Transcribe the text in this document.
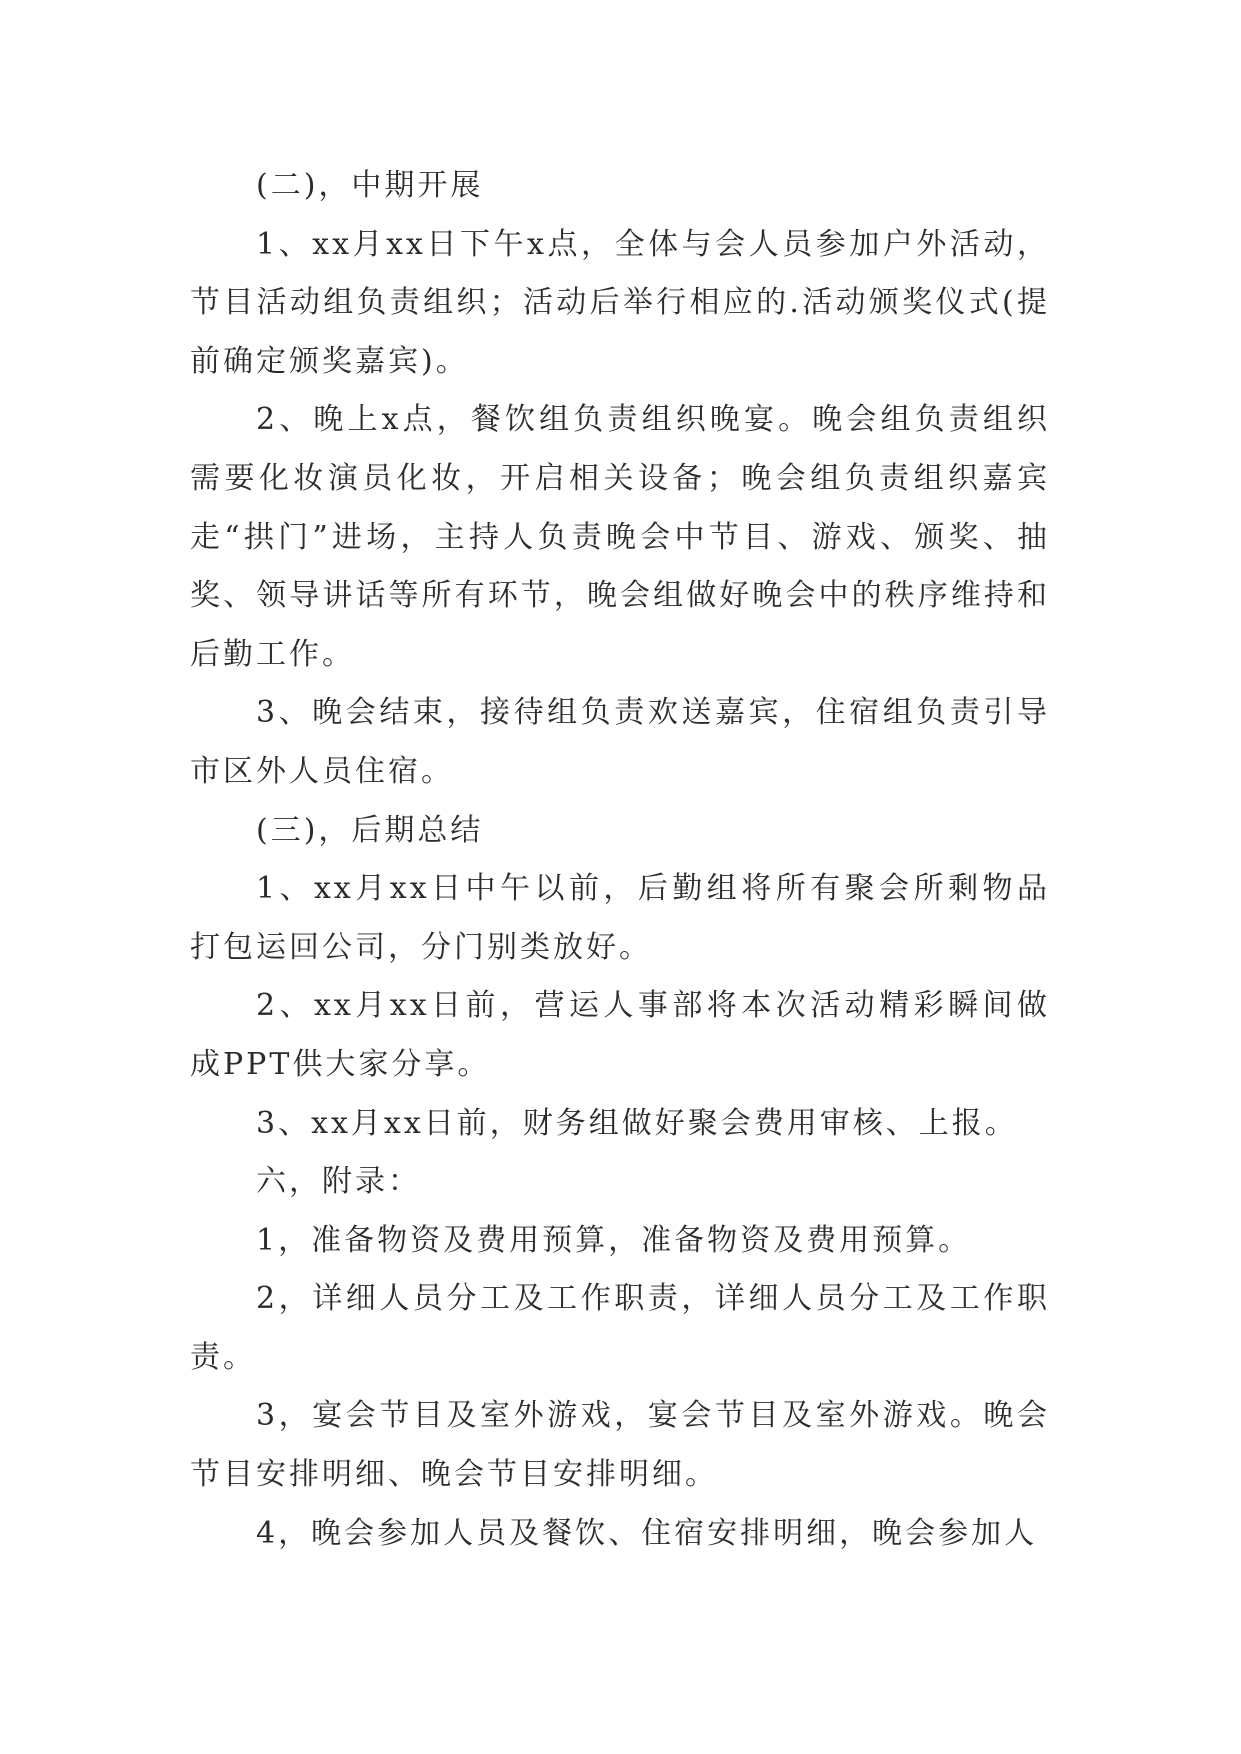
(二)，中期开展

1、xx月xx日下午x点，全体与会人员参加户外活动，节目活动组负责组织；活动后举行相应的.活动颁奖仪式(提前确定颁奖嘉宾)。

2、晚上x点，餐饮组负责组织晚宴。晚会组负责组织需要化妆演员化妆，开启相关设备；晚会组负责组织嘉宾走“拱门”进场，主持人负责晚会中节目、游戏、颁奖、抽奖、领导讲话等所有环节，晚会组做好晚会中的秩序维持和后勤工作。

3、晚会结束，接待组负责欢送嘉宾，住宿组负责引导市区外人员住宿。

(三)，后期总结

1、xx月xx日中午以前，后勤组将所有聚会所剩物品打包运回公司，分门别类放好。

2、xx月xx日前，营运人事部将本次活动精彩瞬间做成PPT供大家分享。

3、xx月xx日前，财务组做好聚会费用审核、上报。

六，附录：

1，准备物资及费用预算，准备物资及费用预算。

2，详细人员分工及工作职责，详细人员分工及工作职责。

3，宴会节目及室外游戏，宴会节目及室外游戏。晚会节目安排明细、晚会节目安排明细。

4，晚会参加人员及餐饮、住宿安排明细，晚会参加人
